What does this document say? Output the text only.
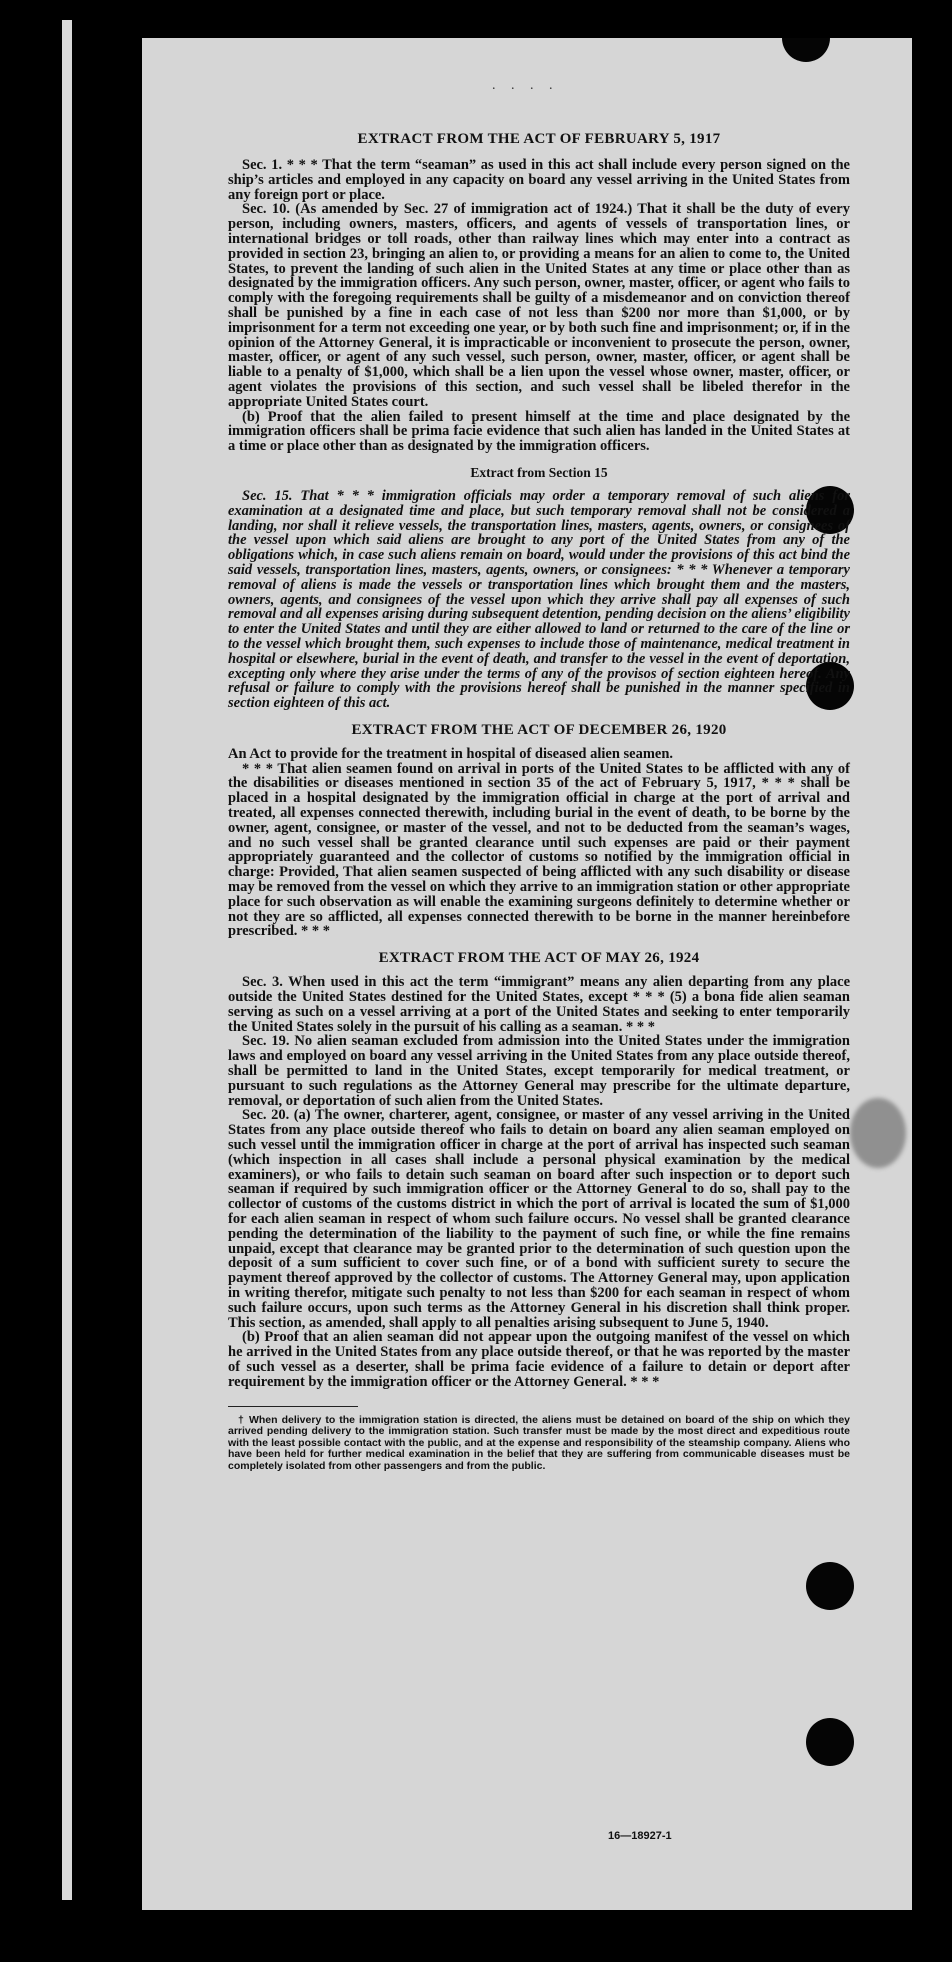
. . . .
EXTRACT FROM THE ACT OF FEBRUARY 5, 1917

Sec. 1. * * * That the term “seaman” as used in this act shall include every person signed on the ship’s articles and employed in any capacity on board any vessel arriving in the United States from any foreign port or place.

Sec. 10. (As amended by Sec. 27 of immigration act of 1924.) That it shall be the duty of every person, including owners, masters, officers, and agents of vessels of transportation lines, or international bridges or toll roads, other than railway lines which may enter into a contract as provided in section 23, bringing an alien to, or providing a means for an alien to come to, the United States, to prevent the landing of such alien in the United States at any time or place other than as designated by the immigration officers. Any such person, owner, master, officer, or agent who fails to comply with the foregoing requirements shall be guilty of a misdemeanor and on conviction thereof shall be punished by a fine in each case of not less than $200 nor more than $1,000, or by imprisonment for a term not exceeding one year, or by both such fine and imprisonment; or, if in the opinion of the Attorney General, it is impracticable or inconvenient to prosecute the person, owner, master, officer, or agent of any such vessel, such person, owner, master, officer, or agent shall be liable to a penalty of $1,000, which shall be a lien upon the vessel whose owner, master, officer, or agent violates the provisions of this section, and such vessel shall be libeled therefor in the appropriate United States court.

(b) Proof that the alien failed to present himself at the time and place designated by the immigration officers shall be prima facie evidence that such alien has landed in the United States at a time or place other than as designated by the immigration officers.

Extract from Section 15

Sec. 15. That * * * immigration officials may order a temporary removal of such aliens for examination at a designated time and place, but such temporary removal shall not be considered a landing, nor shall it relieve vessels, the transportation lines, masters, agents, owners, or consignees of the vessel upon which said aliens are brought to any port of the United States from any of the obligations which, in case such aliens remain on board, would under the provisions of this act bind the said vessels, transportation lines, masters, agents, owners, or consignees: * * * Whenever a temporary removal of aliens is made the vessels or transportation lines which brought them and the masters, owners, agents, and consignees of the vessel upon which they arrive shall pay all expenses of such removal and all expenses arising during subsequent detention, pending decision on the aliens’ eligibility to enter the United States and until they are either allowed to land or returned to the care of the line or to the vessel which brought them, such expenses to include those of maintenance, medical treatment in hospital or elsewhere, burial in the event of death, and transfer to the vessel in the event of deportation, excepting only where they arise under the terms of any of the provisos of section eighteen hereof. Any refusal or failure to comply with the provisions hereof shall be punished in the manner specified in section eighteen of this act.

EXTRACT FROM THE ACT OF DECEMBER 26, 1920

An Act to provide for the treatment in hospital of diseased alien seamen.

* * * That alien seamen found on arrival in ports of the United States to be afflicted with any of the disabilities or diseases mentioned in section 35 of the act of February 5, 1917, * * * shall be placed in a hospital designated by the immigration official in charge at the port of arrival and treated, all expenses connected therewith, including burial in the event of death, to be borne by the owner, agent, consignee, or master of the vessel, and not to be deducted from the seaman’s wages, and no such vessel shall be granted clearance until such expenses are paid or their payment appropriately guaranteed and the collector of customs so notified by the immigration official in charge: Provided, That alien seamen suspected of being afflicted with any such disability or disease may be removed from the vessel on which they arrive to an immigration station or other appropriate place for such observation as will enable the examining surgeons definitely to determine whether or not they are so afflicted, all expenses connected therewith to be borne in the manner hereinbefore prescribed. * * *

EXTRACT FROM THE ACT OF MAY 26, 1924

Sec. 3. When used in this act the term “immigrant” means any alien departing from any place outside the United States destined for the United States, except * * * (5) a bona fide alien seaman serving as such on a vessel arriving at a port of the United States and seeking to enter temporarily the United States solely in the pursuit of his calling as a seaman. * * *

Sec. 19. No alien seaman excluded from admission into the United States under the immigration laws and employed on board any vessel arriving in the United States from any place outside thereof, shall be permitted to land in the United States, except temporarily for medical treatment, or pursuant to such regulations as the Attorney General may prescribe for the ultimate departure, removal, or deportation of such alien from the United States.

Sec. 20. (a) The owner, charterer, agent, consignee, or master of any vessel arriving in the United States from any place outside thereof who fails to detain on board any alien seaman employed on such vessel until the immigration officer in charge at the port of arrival has inspected such seaman (which inspection in all cases shall include a personal physical examination by the medical examiners), or who fails to detain such seaman on board after such inspection or to deport such seaman if required by such immigration officer or the Attorney General to do so, shall pay to the collector of customs of the customs district in which the port of arrival is located the sum of $1,000 for each alien seaman in respect of whom such failure occurs. No vessel shall be granted clearance pending the determination of the liability to the payment of such fine, or while the fine remains unpaid, except that clearance may be granted prior to the determination of such question upon the deposit of a sum sufficient to cover such fine, or of a bond with sufficient surety to secure the payment thereof approved by the collector of customs. The Attorney General may, upon application in writing therefor, mitigate such penalty to not less than $200 for each seaman in respect of whom such failure occurs, upon such terms as the Attorney General in his discretion shall think proper. This section, as amended, shall apply to all penalties arising subsequent to June 5, 1940.

(b) Proof that an alien seaman did not appear upon the outgoing manifest of the vessel on which he arrived in the United States from any place outside thereof, or that he was reported by the master of such vessel as a deserter, shall be prima facie evidence of a failure to detain or deport after requirement by the immigration officer or the Attorney General. * * *

† When delivery to the immigration station is directed, the aliens must be detained on board of the ship on which they arrived pending delivery to the immigration station. Such transfer must be made by the most direct and expeditious route with the least possible contact with the public, and at the expense and responsibility of the steamship company. Aliens who have been held for further medical examination in the belief that they are suffering from communicable diseases must be completely isolated from other passengers and from the public.

16—18927-1
